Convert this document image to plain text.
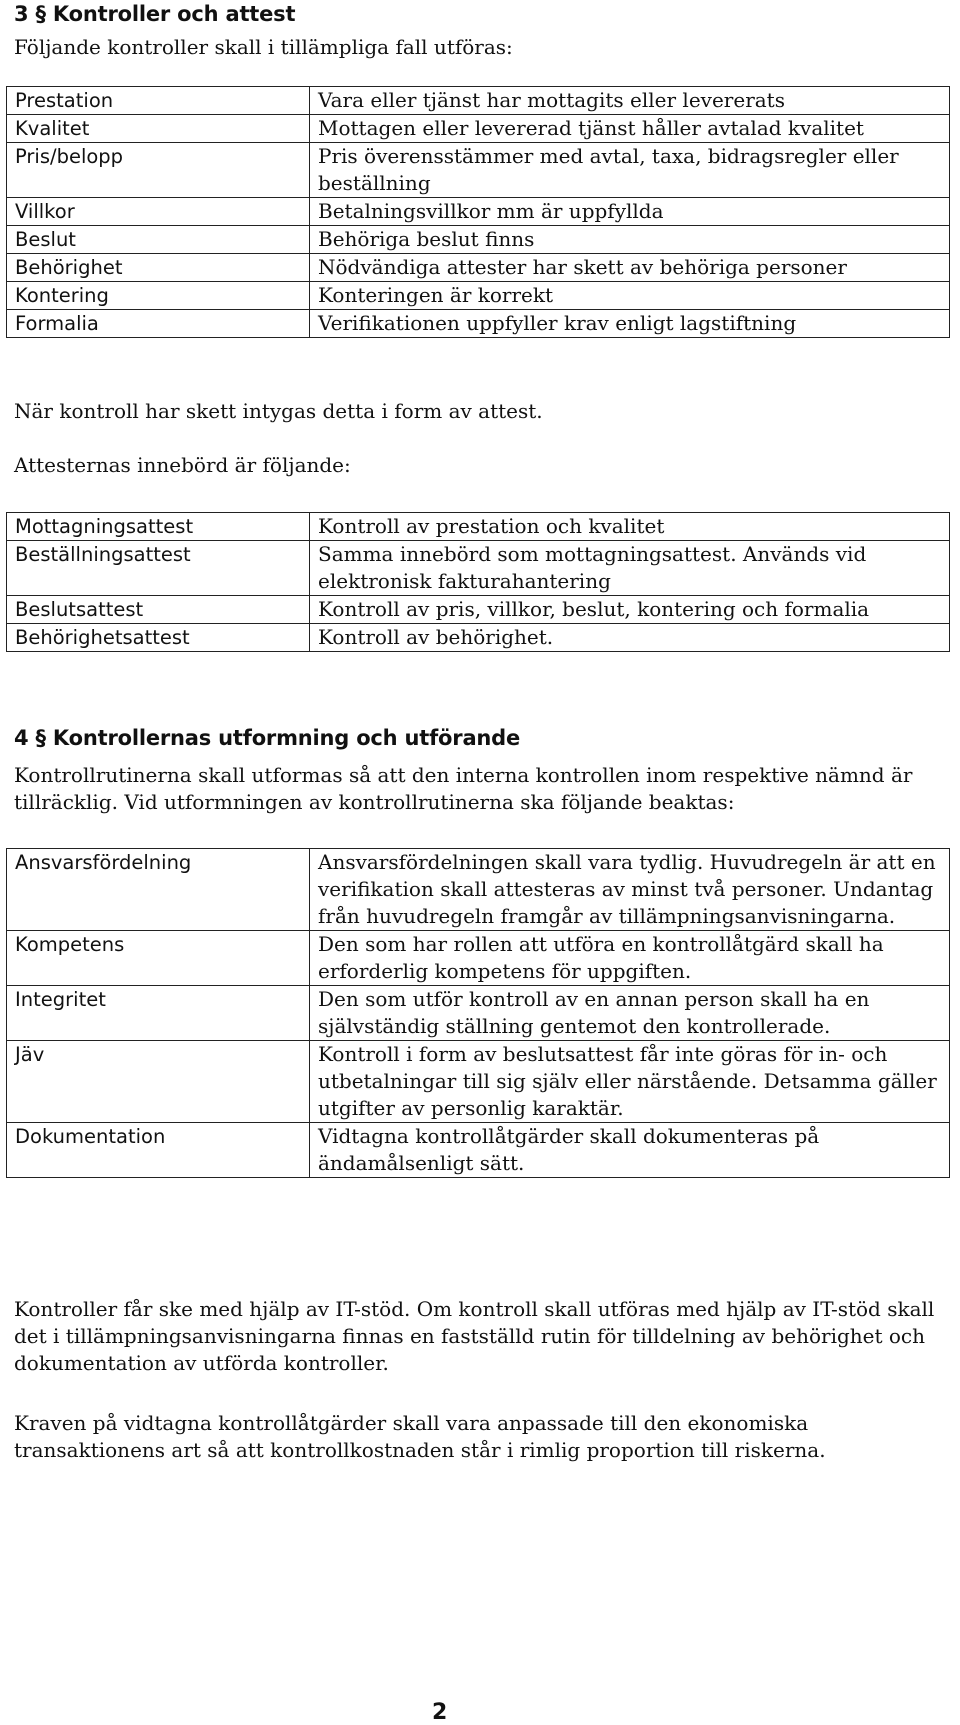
3 § Kontroller och attest

Följande kontroller skall i tillämpliga fall utföras:

Prestation	Vara eller tjänst har mottagits eller levererats
Kvalitet	Mottagen eller levererad tjänst håller avtalad kvalitet
Pris/belopp	Pris överensstämmer med avtal, taxa, bidragsregler eller beställning
Villkor	Betalningsvillkor mm är uppfyllda
Beslut	Behöriga beslut finns
Behörighet	Nödvändiga attester har skett av behöriga personer
Kontering	Konteringen är korrekt
Formalia	Verifikationen uppfyller krav enligt lagstiftning

När kontroll har skett intygas detta i form av attest.

Attesternas innebörd är följande:

Mottagningsattest	Kontroll av prestation och kvalitet
Beställningsattest	Samma innebörd som mottagningsattest. Används vid elektronisk fakturahantering
Beslutsattest	Kontroll av pris, villkor, beslut, kontering och formalia
Behörighetsattest	Kontroll av behörighet.
4 § Kontrollernas utformning och utförande

Kontrollrutinerna skall utformas så att den interna kontrollen inom respektive nämnd är tillräcklig. Vid utformningen av kontrollrutinerna ska följande beaktas:

Ansvarsfördelning	Ansvarsfördelningen skall vara tydlig. Huvudregeln är att en verifikation skall attesteras av minst två personer. Undantag från huvudregeln framgår av tillämpningsanvisningarna.
Kompetens	Den som har rollen att utföra en kontrollåtgärd skall ha erforderlig kompetens för uppgiften.
Integritet	Den som utför kontroll av en annan person skall ha en självständig ställning gentemot den kontrollerade.
Jäv	Kontroll i form av beslutsattest får inte göras för in- och utbetalningar till sig själv eller närstående. Detsamma gäller utgifter av personlig karaktär.
Dokumentation	Vidtagna kontrollåtgärder skall dokumenteras på ändamålsenligt sätt.

Kontroller får ske med hjälp av IT-stöd. Om kontroll skall utföras med hjälp av IT-stöd skall det i tillämpningsanvisningarna finnas en fastställd rutin för tilldelning av behörighet och dokumentation av utförda kontroller.

Kraven på vidtagna kontrollåtgärder skall vara anpassade till den ekonomiska transaktionens art så att kontrollkostnaden står i rimlig proportion till riskerna.

2
